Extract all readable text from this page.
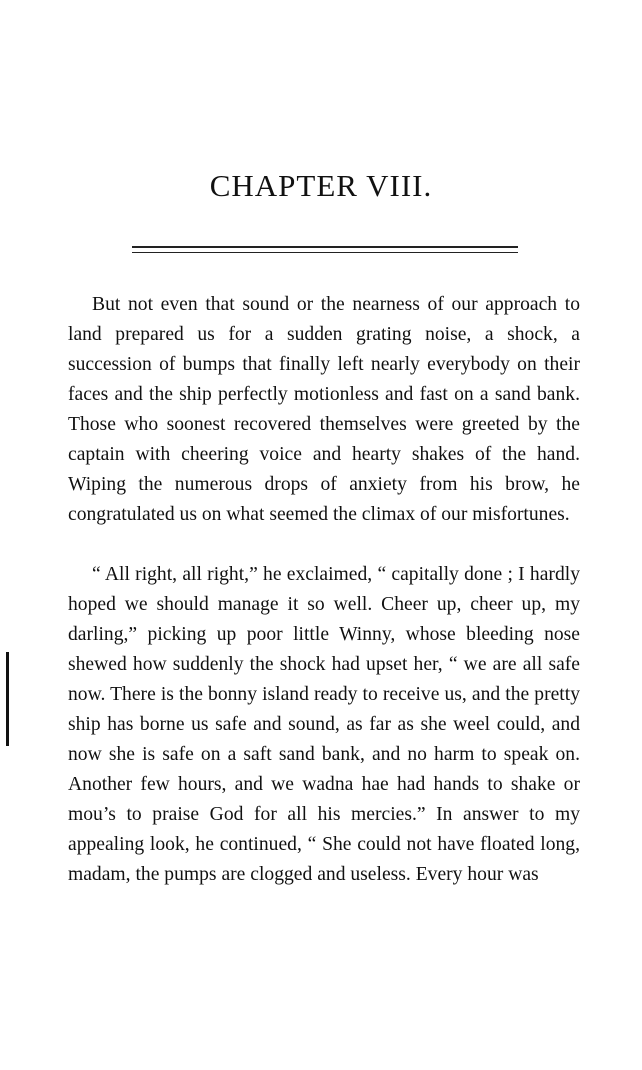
CHAPTER VIII.

But not even that sound or the nearness of our approach to land prepared us for a sudden grating noise, a shock, a succession of bumps that finally left nearly everybody on their faces and the ship perfectly motionless and fast on a sand bank. Those who soonest recovered themselves were greeted by the captain with cheering voice and hearty shakes of the hand. Wiping the numerous drops of anxiety from his brow, he congratulated us on what seemed the climax of our misfortunes.

“ All right, all right,” he exclaimed, “ capitally done ; I hardly hoped we should manage it so well. Cheer up, cheer up, my darling,” picking up poor little Winny, whose bleeding nose shewed how suddenly the shock had upset her, “ we are all safe now. There is the bonny island ready to receive us, and the pretty ship has borne us safe and sound, as far as she weel could, and now she is safe on a saft sand bank, and no harm to speak on. Another few hours, and we wadna hae had hands to shake or mou’s to praise God for all his mercies.” In answer to my appealing look, he continued, “ She could not have floated long, madam, the pumps are clogged and useless. Every hour was
